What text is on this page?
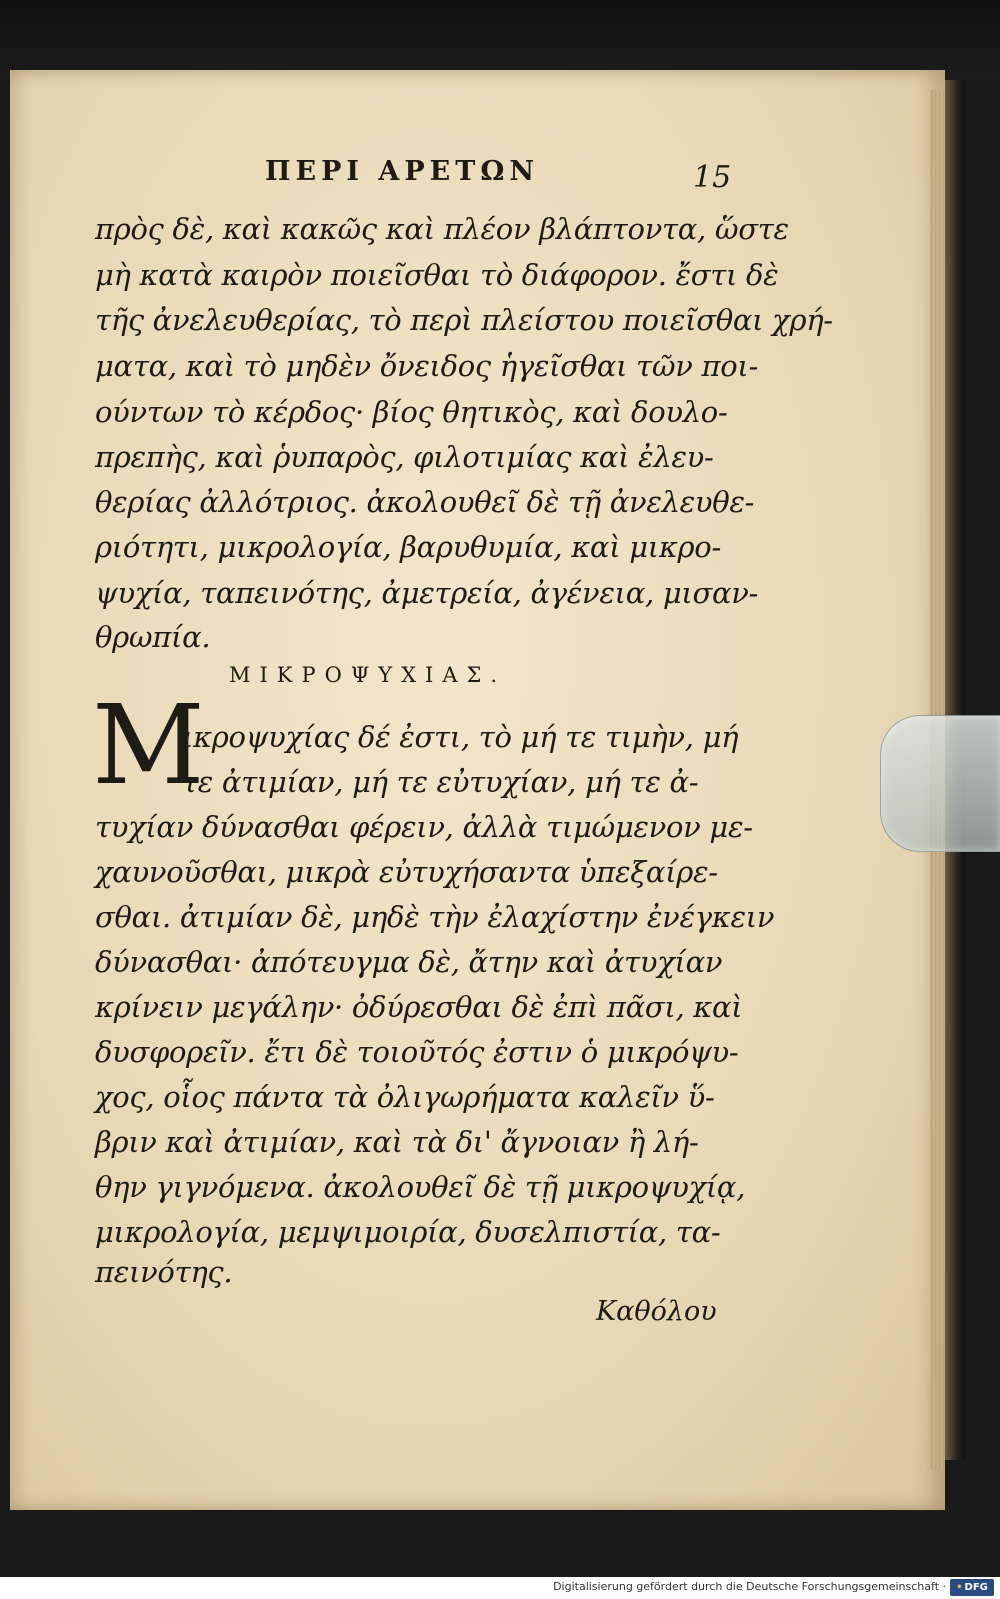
ΠΕΡΙ ΑΡΕΤΩΝ	15
πρὸς δὲ, καὶ κακῶς καὶ πλέον βλάπτοντα, ὥστε
μὴ κατὰ καιρὸν ποιεῖσθαι τὸ διάφορον. ἔστι δὲ
τῆς ἀνελευθερίας, τὸ περὶ πλείστου ποιεῖσθαι χρή-
ματα, καὶ τὸ μηδὲν ὄνειδος ἡγεῖσθαι τῶν ποι-
ούντων τὸ κέρδος· βίος θητικὸς, καὶ δουλο-
πρεπὴς, καὶ ῥυπαρὸς, φιλοτιμίας καὶ ἐλευ-
θερίας ἀλλότριος. ἀκολουθεῖ δὲ τῇ ἀνελευθε-
ριότητι, μικρολογία, βαρυθυμία, καὶ μικρο-
ψυχία, ταπεινότης, ἀμετρεία, ἀγένεια, μισαν-
θρωπία.
ΜΙΚΡΟΨΥΧΙΑΣ.
Μ
ικροψυχίας δέ ἐστι, τὸ μή τε τιμὴν, μή
τε ἀτιμίαν, μή τε εὐτυχίαν, μή τε ἀ-
τυχίαν δύνασθαι φέρειν, ἀλλὰ τιμώμενον με-
χαυνοῦσθαι, μικρὰ εὐτυχήσαντα ὑπεξαίρε-
σθαι. ἀτιμίαν δὲ, μηδὲ τὴν ἐλαχίστην ἐνέγκειν
δύνασθαι· ἀπότευγμα δὲ, ἄτην καὶ ἀτυχίαν
κρίνειν μεγάλην· ὀδύρεσθαι δὲ ἐπὶ πᾶσι, καὶ
δυσφορεῖν. ἔτι δὲ τοιοῦτός ἐστιν ὁ μικρόψυ-
χος, οἷος πάντα τὰ ὀλιγωρήματα καλεῖν ὕ-
βριν καὶ ἀτιμίαν, καὶ τὰ δι' ἄγνοιαν ἢ λή-
θην γιγνόμενα. ἀκολουθεῖ δὲ τῇ μικροψυχίᾳ,
μικρολογία, μεμψιμοιρία, δυσελπιστία, τα-
πεινότης.
Καθόλου
Digitalisierung gefördert durch die Deutsche Forschungsgemeinschaft · • DFG
